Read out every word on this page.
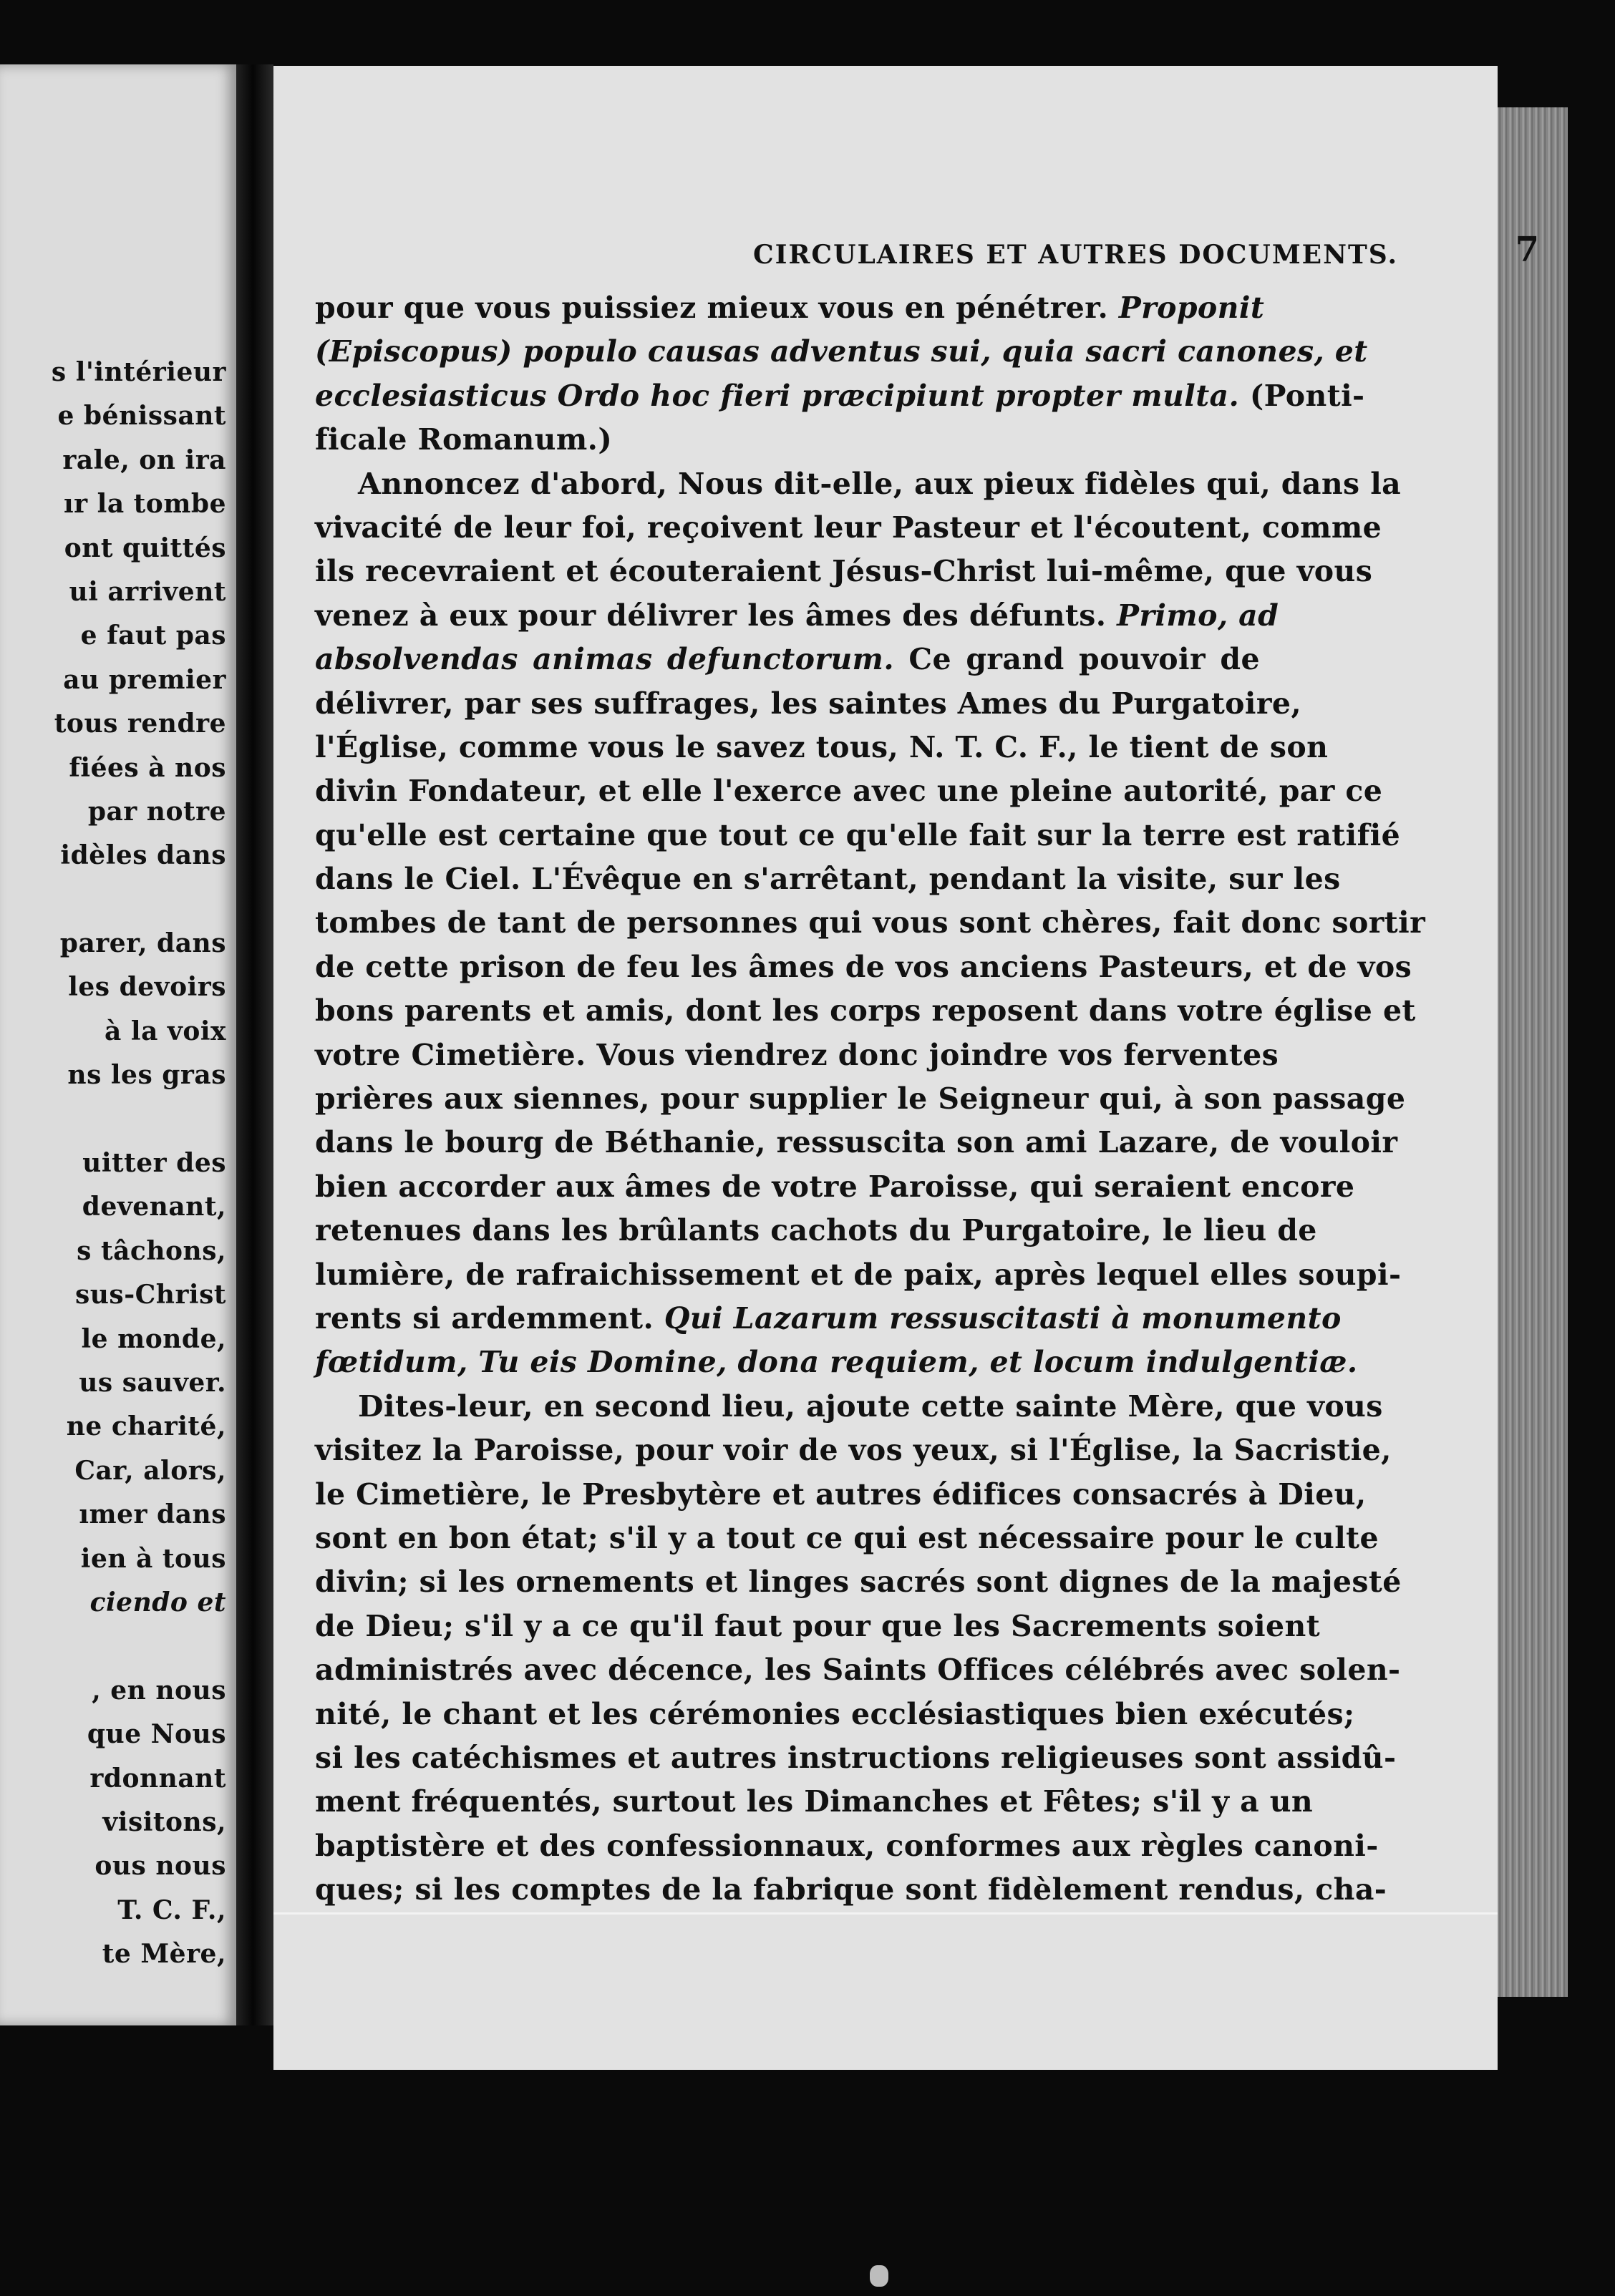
s l'intérieur
e bénissant
rale, on ira
ır la tombe
ont quittés
ui arrivent
e faut pas
au premier
tous rendre
fiées à nos
par notre
idèles dans
parer, dans
les devoirs
à la voix
ns les gras
uitter des
devenant,
s tâchons,
sus-Christ
le monde,
us sauver.
ne charité,
Car, alors,
ımer dans
ien à tous
ciendo et
, en nous
que Nous
rdonnant
visitons,
ous nous
T. C. F.,
te Mère,
CIRCULAIRES ET AUTRES DOCUMENTS.	7
pour que vous puissiez mieux vous en pénétrer. Proponit
(Episcopus) populo causas adventus sui, quia sacri canones, et
ecclesiasticus Ordo hoc fieri præcipiunt propter multa. (Ponti-
ficale Romanum.)
Annoncez d'abord, Nous dit-elle, aux pieux fidèles qui, dans la
vivacité de leur foi, reçoivent leur Pasteur et l'écoutent, comme
ils recevraient et écouteraient Jésus-Christ lui-même, que vous
venez à eux pour délivrer les âmes des défunts. Primo, ad
absolvendas animas defunctorum. Ce grand pouvoir de
délivrer, par ses suffrages, les saintes Ames du Purgatoire,
l'Église, comme vous le savez tous, N. T. C. F., le tient de son
divin Fondateur, et elle l'exerce avec une pleine autorité, par ce
qu'elle est certaine que tout ce qu'elle fait sur la terre est ratifié
dans le Ciel. L'Évêque en s'arrêtant, pendant la visite, sur les
tombes de tant de personnes qui vous sont chères, fait donc sortir
de cette prison de feu les âmes de vos anciens Pasteurs, et de vos
bons parents et amis, dont les corps reposent dans votre église et
votre Cimetière. Vous viendrez donc joindre vos ferventes
prières aux siennes, pour supplier le Seigneur qui, à son passage
dans le bourg de Béthanie, ressuscita son ami Lazare, de vouloir
bien accorder aux âmes de votre Paroisse, qui seraient encore
retenues dans les brûlants cachots du Purgatoire, le lieu de
lumière, de rafraichissement et de paix, après lequel elles soupi-
rents si ardemment. Qui Lazarum ressuscitasti à monumento
fœtidum, Tu eis Domine, dona requiem, et locum indulgentiæ.
Dites-leur, en second lieu, ajoute cette sainte Mère, que vous
visitez la Paroisse, pour voir de vos yeux, si l'Église, la Sacristie,
le Cimetière, le Presbytère et autres édifices consacrés à Dieu,
sont en bon état; s'il y a tout ce qui est nécessaire pour le culte
divin; si les ornements et linges sacrés sont dignes de la majesté
de Dieu; s'il y a ce qu'il faut pour que les Sacrements soient
administrés avec décence, les Saints Offices célébrés avec solen-
nité, le chant et les cérémonies ecclésiastiques bien exécutés;
si les catéchismes et autres instructions religieuses sont assidû-
ment fréquentés, surtout les Dimanches et Fêtes; s'il y a un
baptistère et des confessionnaux, conformes aux règles canoni-
ques; si les comptes de la fabrique sont fidèlement rendus, cha-
